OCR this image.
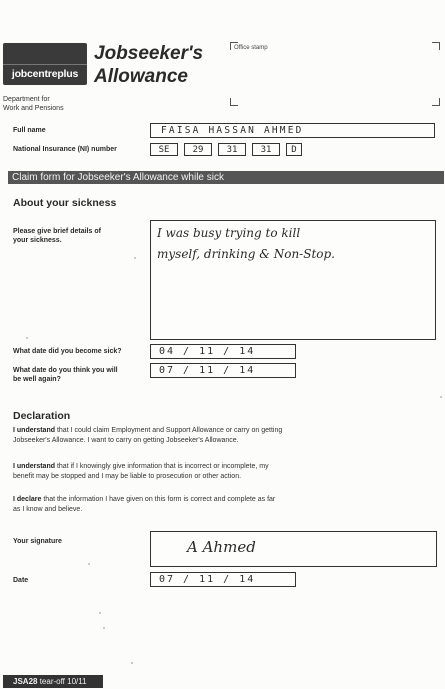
jobcentreplus
Jobseeker's
Allowance
Department for
Work and Pensions
Office stamp
Full name	FAISA HASSAN AHMED
National Insurance (NI) number	SE	29	31	31	D
Claim form for Jobseeker's Allowance while sick
About your sickness
Please give brief details of
your sickness.
I was busy trying to kill
myself, drinking & Non-Stop.
What date did you become sick?	04 / 11 / 14
What date do you think you will
be well again?
07 / 11 / 14
Declaration
I understand that I could claim Employment and Support Allowance or carry on getting Jobseeker's Allowance. I want to carry on getting Jobseeker's Allowance.
I understand that if I knowingly give information that is incorrect or incomplete, my benefit may be stopped and I may be liable to prosecution or other action.
I declare that the information I have given on this form is correct and complete as far as I know and believe.
Your signature	A Ahmed
Date	07 / 11 / 14
JSA28 tear-off 10/11
